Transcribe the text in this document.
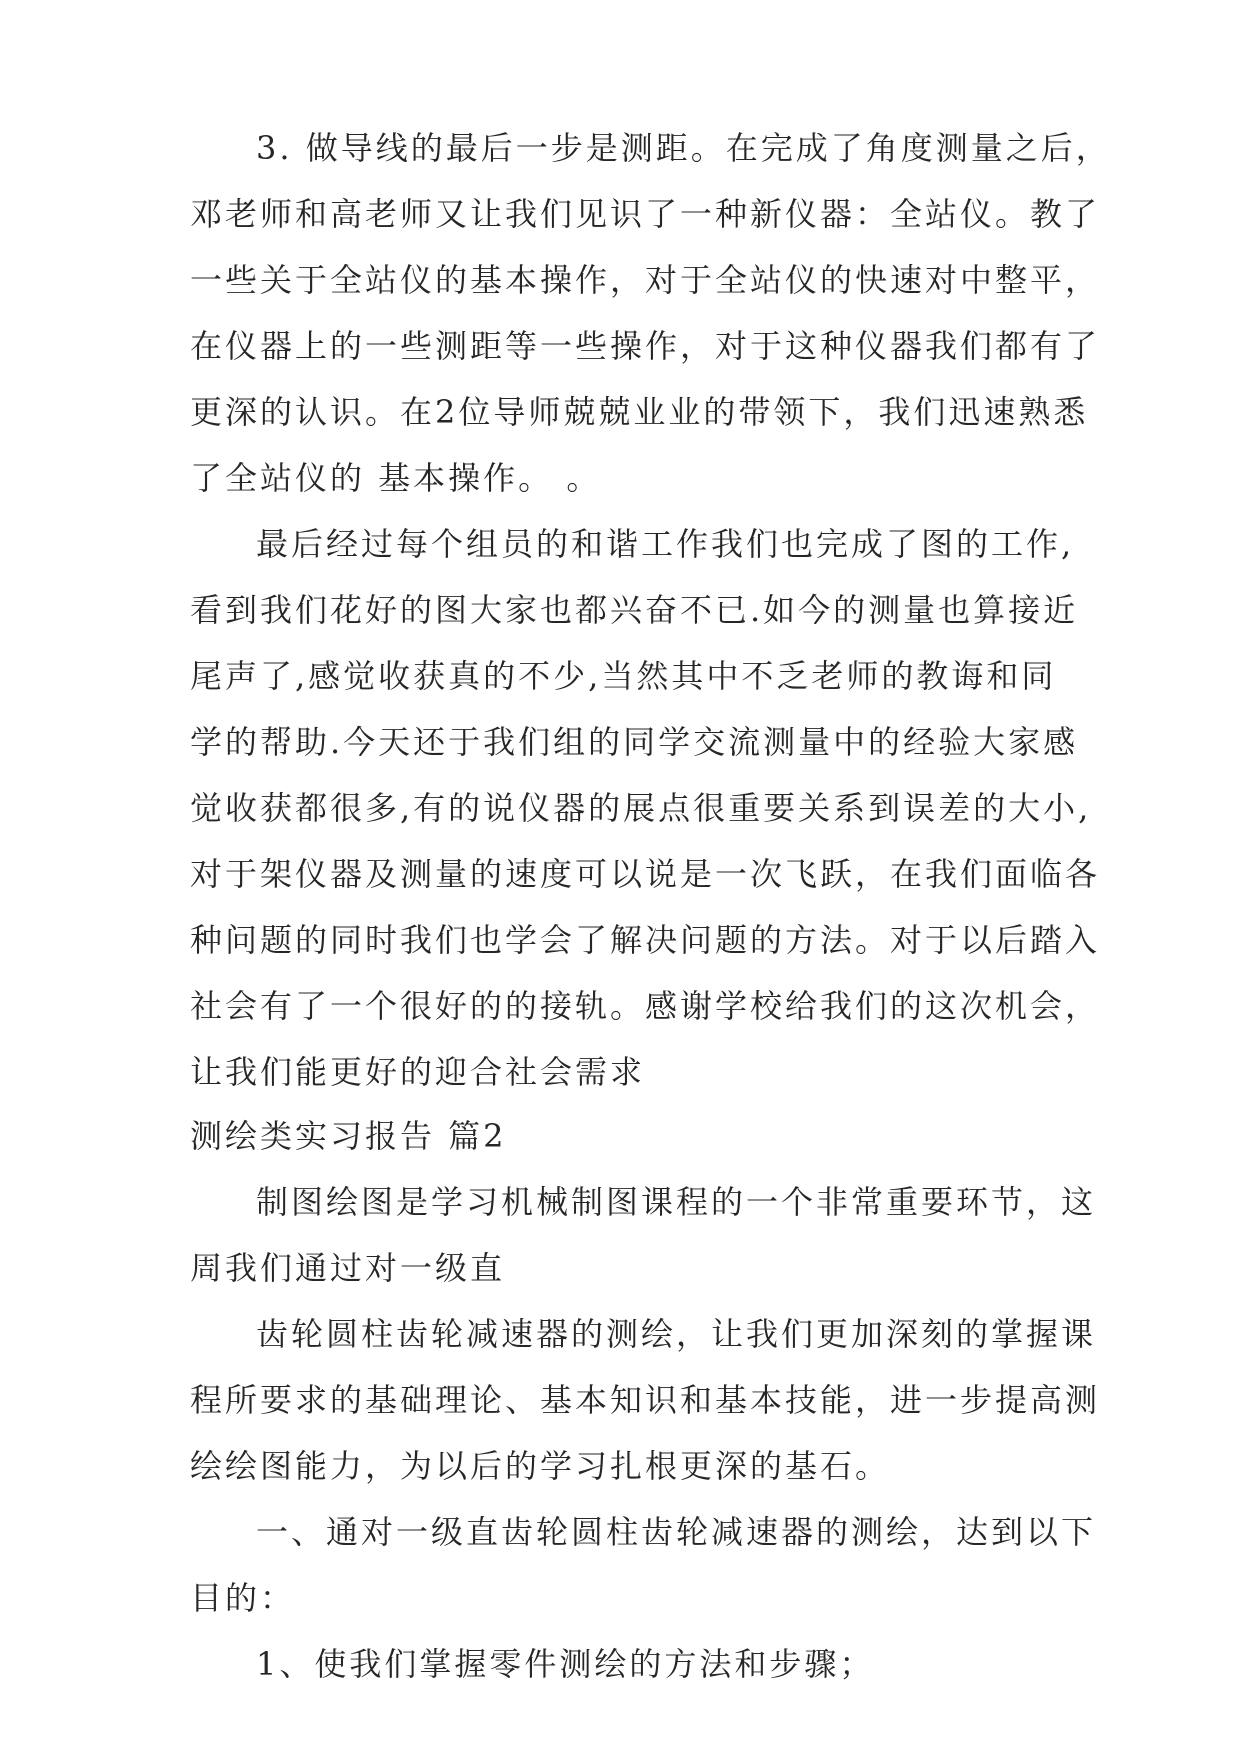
3. 做导线的最后一步是测距。在完成了角度测量之后，
邓老师和高老师又让我们见识了一种新仪器：全站仪。教了
一些关于全站仪的基本操作，对于全站仪的快速对中整平，
在仪器上的一些测距等一些操作，对于这种仪器我们都有了
更深的认识。在2位导师兢兢业业的带领下，我们迅速熟悉
了全站仪的 基本操作。 。
最后经过每个组员的和谐工作我们也完成了图的工作,
看到我们花好的图大家也都兴奋不已.如今的测量也算接近
尾声了,感觉收获真的不少,当然其中不乏老师的教诲和同
学的帮助.今天还于我们组的同学交流测量中的经验大家感
觉收获都很多,有的说仪器的展点很重要关系到误差的大小,
对于架仪器及测量的速度可以说是一次飞跃，在我们面临各
种问题的同时我们也学会了解决问题的方法。对于以后踏入
社会有了一个很好的的接轨。感谢学校给我们的这次机会，
让我们能更好的迎合社会需求
测绘类实习报告 篇2
制图绘图是学习机械制图课程的一个非常重要环节，这
周我们通过对一级直
齿轮圆柱齿轮减速器的测绘，让我们更加深刻的掌握课
程所要求的基础理论、基本知识和基本技能，进一步提高测
绘绘图能力，为以后的学习扎根更深的基石。
一、通对一级直齿轮圆柱齿轮减速器的测绘，达到以下
目的：
1、使我们掌握零件测绘的方法和步骤；
